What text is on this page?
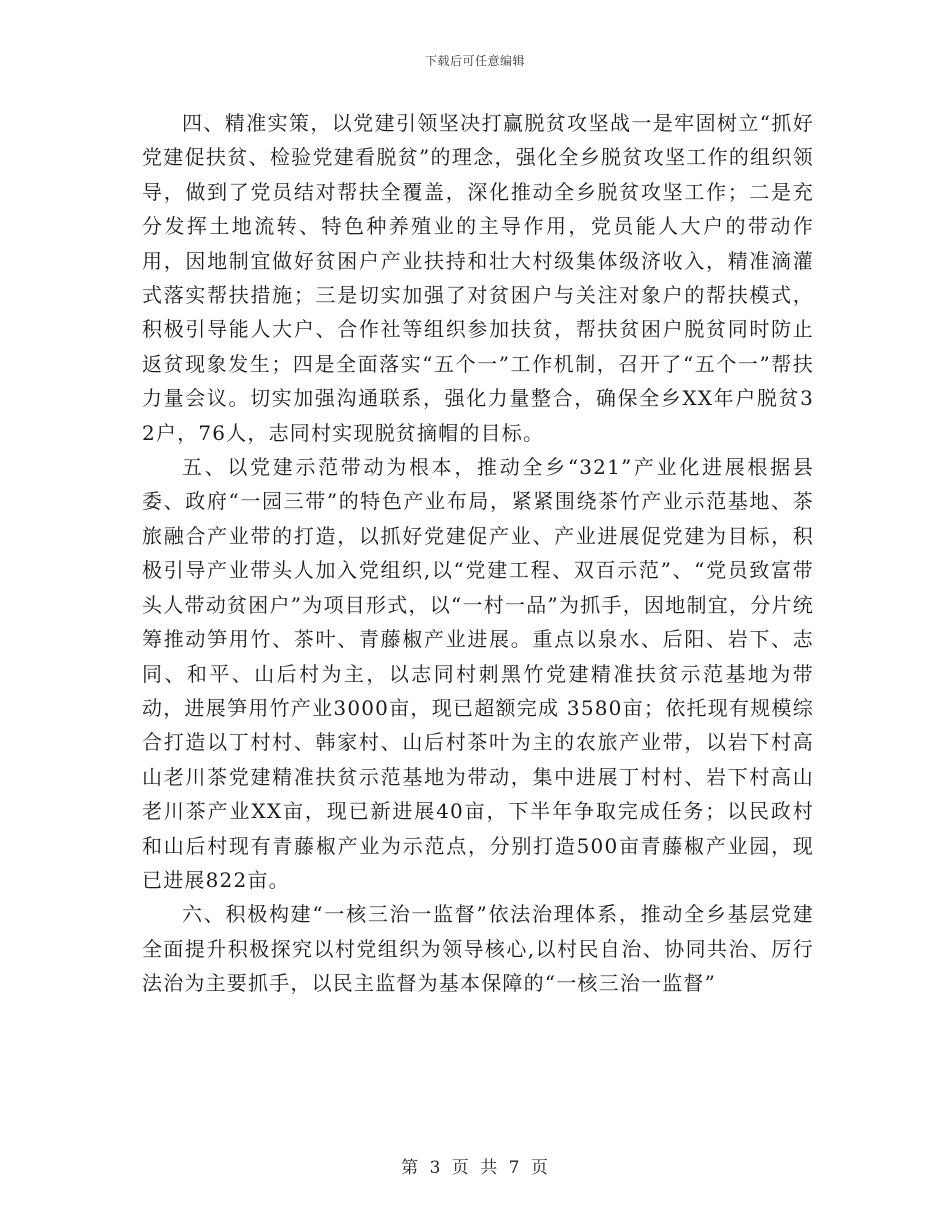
下载后可任意编辑

四、精准实策，以党建引领坚决打赢脱贫攻坚战一是牢固树立“抓好党建促扶贫、检验党建看脱贫”的理念，强化全乡脱贫攻坚工作的组织领导，做到了党员结对帮扶全覆盖，深化推动全乡脱贫攻坚工作；二是充分发挥土地流转、特色种养殖业的主导作用，党员能人大户的带动作用，因地制宜做好贫困户产业扶持和壮大村级集体级济收入，精准滴灌式落实帮扶措施；三是切实加强了对贫困户与关注对象户的帮扶模式，积极引导能人大户、合作社等组织参加扶贫，帮扶贫困户脱贫同时防止返贫现象发生；四是全面落实“五个一”工作机制，召开了“五个一”帮扶力量会议。切实加强沟通联系，强化力量整合，确保全乡XX年户脱贫32户，76人，志同村实现脱贫摘帽的目标。

五、以党建示范带动为根本，推动全乡“321”产业化进展根据县委、政府“一园三带”的特色产业布局，紧紧围绕茶竹产业示范基地、茶旅融合产业带的打造，以抓好党建促产业、产业进展促党建为目标，积极引导产业带头人加入党组织,以“党建工程、双百示范”、“党员致富带头人带动贫困户”为项目形式，以“一村一品”为抓手，因地制宜，分片统筹推动笋用竹、茶叶、青藤椒产业进展。重点以泉水、后阳、岩下、志同、和平、山后村为主，以志同村刺黑竹党建精准扶贫示范基地为带动，进展笋用竹产业3000亩，现已超额完成 3580亩；依托现有规模综合打造以丁村村、韩家村、山后村茶叶为主的农旅产业带，以岩下村高山老川茶党建精准扶贫示范基地为带动，集中进展丁村村、岩下村高山老川茶产业XX亩，现已新进展40亩，下半年争取完成任务；以民政村和山后村现有青藤椒产业为示范点，分别打造500亩青藤椒产业园，现已进展822亩。

六、积极构建“一核三治一监督”依法治理体系，推动全乡基层党建全面提升积极探究以村党组织为领导核心,以村民自治、协同共治、厉行法治为主要抓手，以民主监督为基本保障的“一核三治一监督”

第 3 页 共 7 页
